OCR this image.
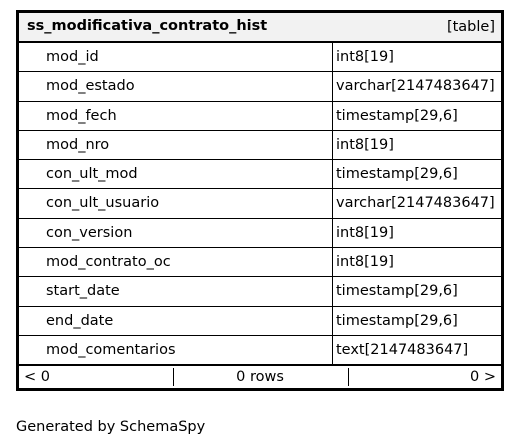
ss_modificativa_contrato_hist	[table]
mod_id	int8[19]
mod_estado	varchar[2147483647]
mod_fech	timestamp[29,6]
mod_nro	int8[19]
con_ult_mod	timestamp[29,6]
con_ult_usuario	varchar[2147483647]
con_version	int8[19]
mod_contrato_oc	int8[19]
start_date	timestamp[29,6]
end_date	timestamp[29,6]
mod_comentarios	text[2147483647]
< 0	0 rows	0 >
Generated by SchemaSpy
